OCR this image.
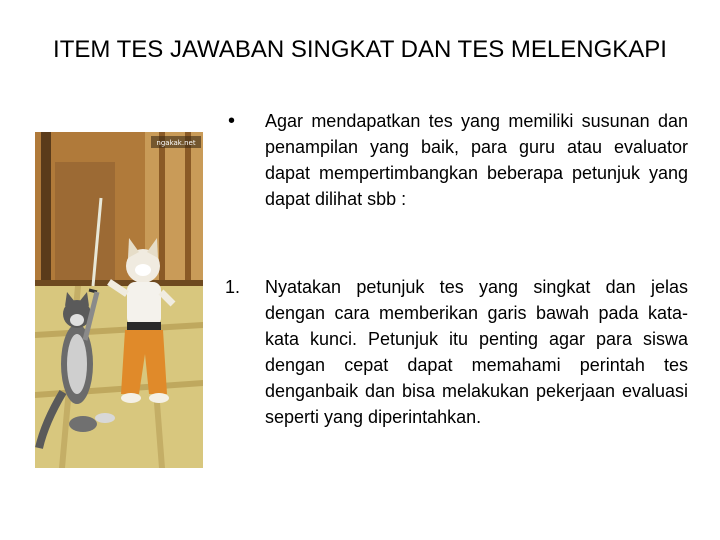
ITEM TES JAWABAN SINGKAT DAN TES MELENGKAPI
ngakak.net
• Agar mendapatkan tes yang memiliki susunan dan penampilan yang baik, para guru atau evaluator dapat mempertimbangkan beberapa petunjuk yang dapat dilihat sbb :

1. Nyatakan petunjuk tes yang singkat dan jelas dengan cara memberikan garis bawah pada kata-kata kunci. Petunjuk itu penting agar para siswa dengan cepat dapat memahami perintah tes denganbaik dan bisa melakukan pekerjaan evaluasi seperti yang diperintahkan.
